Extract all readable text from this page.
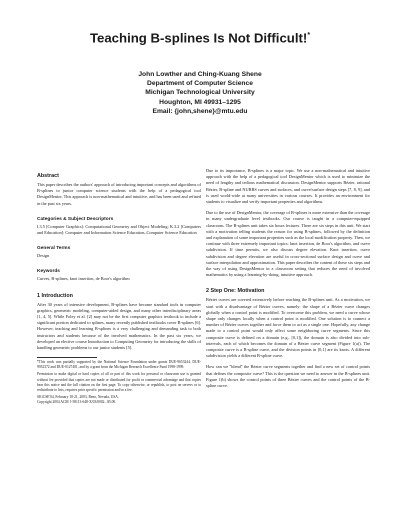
Teaching B-splines Is Not Difficult!*
John Lowther and Ching-Kuang Shene
Department of Computer Science
Michigan Technological University
Houghton, MI 49931–1295
Email: {john,shene}@mtu.edu
Abstract
This paper describes the authors' approach of introducing important concepts and algorithms of B-splines to junior computer science students with the help of a pedagogical tool DesignMentor. This approach is non-mathematical and intuitive, and has been used and refined in the past six years.
Categories & Subject Descriptors
I.3.5 [Computer Graphics]: Computational Geometry and Object Modeling; K.3.2 [Computers and Education]: Computer and Information Science Education–Computer Science Education
General Terms
Design
Keywords
Curves, B-splines, knot insertion, de Boor's algorithm
1 Introduction
After 30 years of intensive development, B-splines have become standard tools in computer graphics, geometric modeling, computer-aided design, and many other interdisciplinary areas [1, 4, 5]. While Foley et al. [2] may not be the first computer graphics textbook to include a significant portion dedicated to splines, many recently published textbooks cover B-splines [6]. However, teaching and learning B-splines is a very challenging and demanding task to both instructors and students because of the involved mathematics. In the past six years, we developed an elective course Introduction to Computing Geometry for introducing the skills of handling geometric problems to our junior students [5].

*This work was partially supported by the National Science Foundation under grants DUE-9653244, DUE-9952372 and DUE-0127401, and by a grant from the Michigan Research Excellence Fund 1998-1999.

Permission to make digital or hard copies of all or part of this work for personal or classroom use is granted without fee provided that copies are not made or distributed for profit or commercial advantage and that copies bear this notice and the full citation on the first page. To copy otherwise, or republish, to post on servers or to redistribute to lists, requires prior specific permission and/or a fee.

SIGCSE'04, February 18-21, 2003, Reno, Nevada, USA.

Copyright 2004 ACM 1-58113-648-X/03/0002...$5.00.

Due to its importance, B-splines is a major topic. We use a non-mathematical and intuitive approach with the help of a pedagogical tool DesignMentor which is used to minimize the need of lengthy and tedious mathematical discussion. DesignMentor supports Bézier, rational Bézier, B-spline and NURBS curves and surfaces, and curve/surface design steps [7, 8, 9], and is used world-wide at many universities in various courses. It provides an environment for students to visualize and verify important properties and algorithms.
Due to the use of DesignMentor, the coverage of B-splines is more extensive than the coverage in many undergraduate level textbooks. Our course is taught in a computer-equipped classroom. The B-splines unit takes six hours lectures. There are six steps in this unit. We start with a motivation telling students the reason for using B-splines, followed by the definition and explanation of some important properties such as the local modification property. Then, we continue with three extremely important topics: knot insertion, de Boor's algorithm, and curve subdivision. If time permits, we also discuss degree elevation. Knot insertion, curve subdivision and degree elevation are useful in cross-sectional surface design and curve and surface interpolation and approximation. This paper describes the content of these six steps and the way of using DesignMentor in a classroom setting that reduces the need of involved mathematics by using a learning-by-doing, intuitive approach.
2 Step One: Motivation
Bézier curves are covered extensively before reaching the B-splines unit. As a motivation, we start with a disadvantage of Bézier curves, namely: the shape of a Bézier curve changes globally when a control point is modified. To overcome this problem, we need a curve whose shape only changes locally when a control point is modified. One solution is to connect a number of Bézier curves together and force them to act as a single one. Hopefully, any change made to a control point would only affect some neighboring curve segments. Since this composite curve is defined on a domain (e.g., [0,1]), the domain is also divided into sub-intervals, each of which becomes the domain of a Bézier curve segment (Figure 1(a)). The composite curve is a B-spline curve, and the division points in [0,1] are its knots. A different subdivision yields a different B-spline curve.
How can we "blend" the Bézier curve segments together and find a new set of control points that defines the composite curve? This is the question we need to answer in the B-splines unit. Figure 1(b) shows the control points of three Bézier curves and the control points of the B-spline curve.
